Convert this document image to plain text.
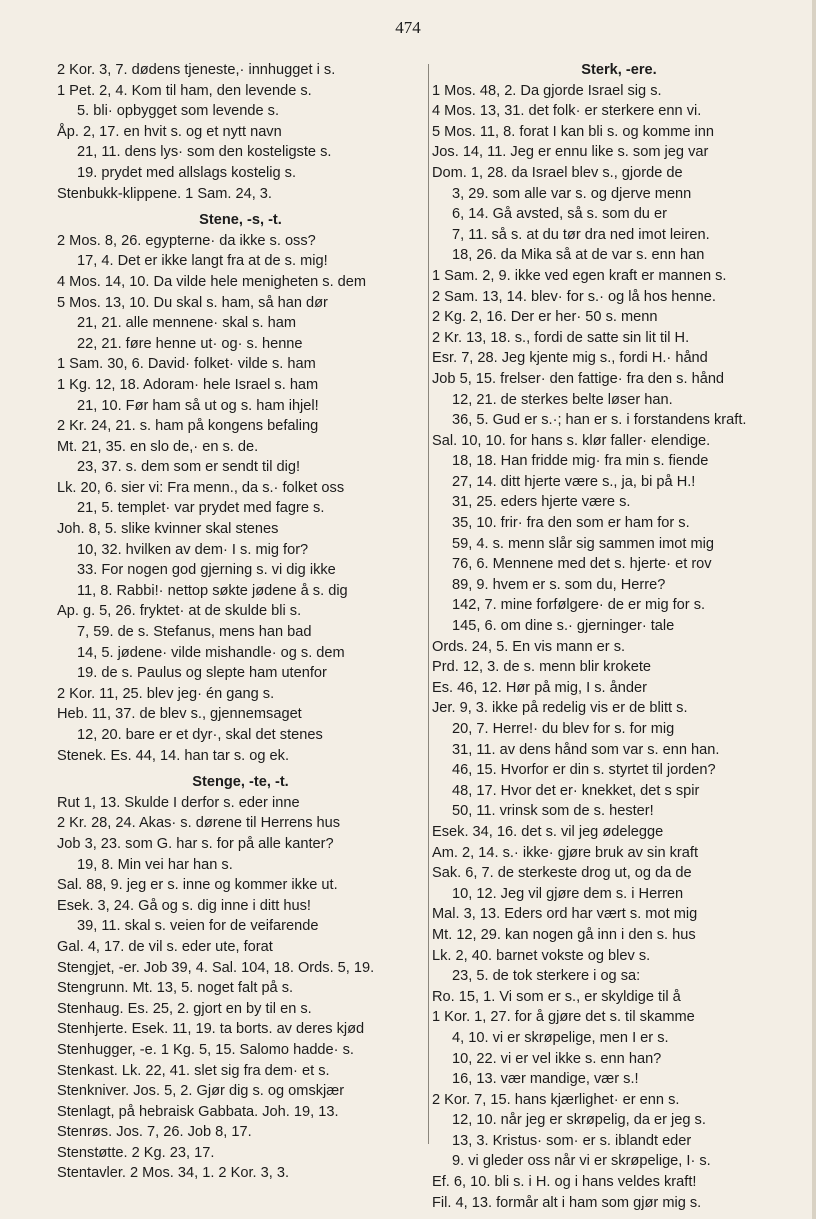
474
2 Kor. 3, 7. dødens tjeneste,· innhugget i s.
1 Pet. 2, 4. Kom til ham, den levende s.
5. bli· opbygget som levende s.
Åp. 2, 17. en hvit s. og et nytt navn
21, 11. dens lys· som den kosteligste s.
19. prydet med allslags kostelig s.
Stenbukk-klippene. 1 Sam. 24, 3.
Stene, -s, -t.
2 Mos. 8, 26. egypterne· da ikke s. oss?
17, 4. Det er ikke langt fra at de s. mig!
4 Mos. 14, 10. Da vilde hele menigheten s. dem
5 Mos. 13, 10. Du skal s. ham, så han dør
21, 21. alle mennene· skal s. ham
22, 21. føre henne ut· og· s. henne
1 Sam. 30, 6. David· folket· vilde s. ham
1 Kg. 12, 18. Adoram· hele Israel s. ham
21, 10. Før ham så ut og s. ham ihjel!
2 Kr. 24, 21. s. ham på kongens befaling
Mt. 21, 35. en slo de,· en s. de.
23, 37. s. dem som er sendt til dig!
Lk. 20, 6. sier vi: Fra menn., da s.· folket oss
21, 5. templet· var prydet med fagre s.
Joh. 8, 5. slike kvinner skal stenes
10, 32. hvilken av dem· I s. mig for?
33. For nogen god gjerning s. vi dig ikke
11, 8. Rabbi!· nettop søkte jødene å s. dig
Ap. g. 5, 26. fryktet· at de skulde bli s.
7, 59. de s. Stefanus, mens han bad
14, 5. jødene· vilde mishandle· og s. dem
19. de s. Paulus og slepte ham utenfor
2 Kor. 11, 25. blev jeg· én gang s.
Heb. 11, 37. de blev s., gjennemsaget
12, 20. bare er et dyr·, skal det stenes
Stenek. Es. 44, 14. han tar s. og ek.
Stenge, -te, -t.
Rut 1, 13. Skulde I derfor s. eder inne
2 Kr. 28, 24. Akas· s. dørene til Herrens hus
Job 3, 23. som G. har s. for på alle kanter?
19, 8. Min vei har han s.
Sal. 88, 9. jeg er s. inne og kommer ikke ut.
Esek. 3, 24. Gå og s. dig inne i ditt hus!
39, 11. skal s. veien for de veifarende
Gal. 4, 17. de vil s. eder ute, forat
Stengjet, -er. Job 39, 4. Sal. 104, 18. Ords. 5, 19.
Stengrunn. Mt. 13, 5. noget falt på s.
Stenhaug. Es. 25, 2. gjort en by til en s.
Stenhjerte. Esek. 11, 19. ta borts. av deres kjød
Stenhugger, -e. 1 Kg. 5, 15. Salomo hadde· s.
Stenkast. Lk. 22, 41. slet sig fra dem· et s.
Stenkniver. Jos. 5, 2. Gjør dig s. og omskjær
Stenlagt, på hebraisk Gabbata. Joh. 19, 13.
Stenrøs. Jos. 7, 26. Job 8, 17.
Stenstøtte. 2 Kg. 23, 17.
Stentavler. 2 Mos. 34, 1. 2 Kor. 3, 3.
Sterk, -ere.
1 Mos. 48, 2. Da gjorde Israel sig s.
4 Mos. 13, 31. det folk· er sterkere enn vi.
5 Mos. 11, 8. forat I kan bli s. og komme inn
Jos. 14, 11. Jeg er ennu like s. som jeg var
Dom. 1, 28. da Israel blev s., gjorde de
3, 29. som alle var s. og djerve menn
6, 14. Gå avsted, så s. som du er
7, 11. så s. at du tør dra ned imot leiren.
18, 26. da Mika så at de var s. enn han
1 Sam. 2, 9. ikke ved egen kraft er mannen s.
2 Sam. 13, 14. blev· for s.· og lå hos henne.
2 Kg. 2, 16. Der er her· 50 s. menn
2 Kr. 13, 18. s., fordi de satte sin lit til H.
Esr. 7, 28. Jeg kjente mig s., fordi H.· hånd
Job 5, 15. frelser· den fattige· fra den s. hånd
12, 21. de sterkes belte løser han.
36, 5. Gud er s.·; han er s. i forstandens kraft.
Sal. 10, 10. for hans s. klør faller· elendige.
18, 18. Han fridde mig· fra min s. fiende
27, 14. ditt hjerte være s., ja, bi på H.!
31, 25. eders hjerte være s.
35, 10. frir· fra den som er ham for s.
59, 4. s. menn slår sig sammen imot mig
76, 6. Mennene med det s. hjerte· et rov
89, 9. hvem er s. som du, Herre?
142, 7. mine forfølgere· de er mig for s.
145, 6. om dine s.· gjerninger· tale
Ords. 24, 5. En vis mann er s.
Prd. 12, 3. de s. menn blir krokete
Es. 46, 12. Hør på mig, I s. ånder
Jer. 9, 3. ikke på redelig vis er de blitt s.
20, 7. Herre!· du blev for s. for mig
31, 11. av dens hånd som var s. enn han.
46, 15. Hvorfor er din s. styrtet til jorden?
48, 17. Hvor det er· knekket, det s spir
50, 11. vrinsk som de s. hester!
Esek. 34, 16. det s. vil jeg ødelegge
Am. 2, 14. s.· ikke· gjøre bruk av sin kraft
Sak. 6, 7. de sterkeste drog ut, og da de
10, 12. Jeg vil gjøre dem s. i Herren
Mal. 3, 13. Eders ord har vært s. mot mig
Mt. 12, 29. kan nogen gå inn i den s. hus
Lk. 2, 40. barnet vokste og blev s.
23, 5. de tok sterkere i og sa:
Ro. 15, 1. Vi som er s., er skyldige til å
1 Kor. 1, 27. for å gjøre det s. til skamme
4, 10. vi er skrøpelige, men I er s.
10, 22. vi er vel ikke s. enn han?
16, 13. vær mandige, vær s.!
2 Kor. 7, 15. hans kjærlighet· er enn s.
12, 10. når jeg er skrøpelig, da er jeg s.
13, 3. Kristus· som· er s. iblandt eder
9. vi gleder oss når vi er skrøpelige, I· s.
Ef. 6, 10. bli s. i H. og i hans veldes kraft!
Fil. 4, 13. formår alt i ham som gjør mig s.
